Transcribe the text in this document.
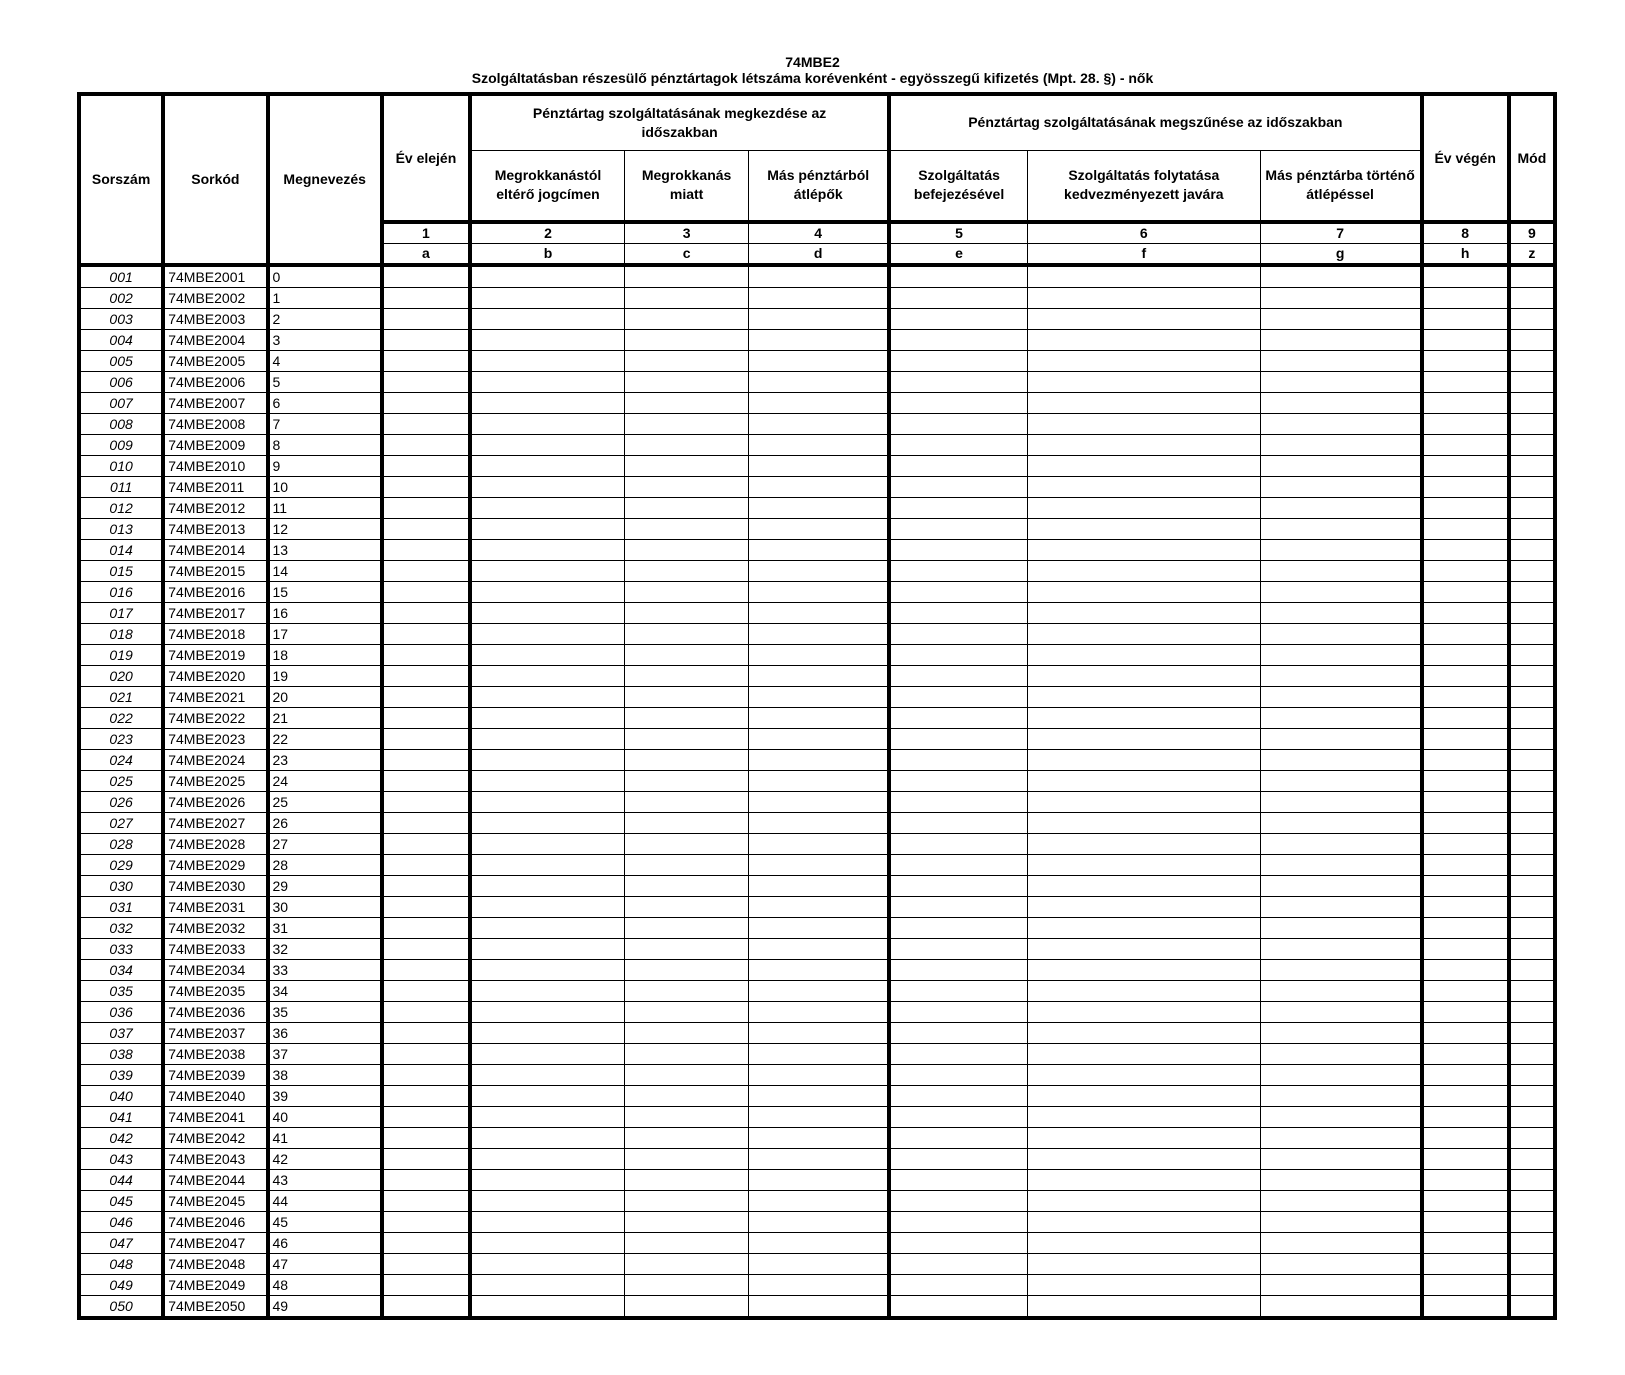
74MBE2
Szolgáltatásban részesülő pénztártagok létszáma korévenként - egyösszegű kifizetés (Mpt. 28. §) - nők
Sorszám	Sorkód	Megnevezés	Év elején	Pénztártag szolgáltatásának megkezdése az időszakban			Pénztártag szolgáltatásának megszűnése az időszakban			Év végén	Mód
				Megrokkanástól eltérő jogcímen	Megrokkanás miatt	Más pénztárból átlépők	Szolgáltatás befejezésével	Szolgáltatás folytatása kedvezményezett javára	Más pénztárba történő átlépéssel		
			1	2	3	4	5	6	7	8	9
			a	b	c	d	e	f	g	h	z
001	74MBE2001	0									
002	74MBE2002	1									
003	74MBE2003	2									
004	74MBE2004	3									
005	74MBE2005	4									
006	74MBE2006	5									
007	74MBE2007	6									
008	74MBE2008	7									
009	74MBE2009	8									
010	74MBE2010	9									
011	74MBE2011	10									
012	74MBE2012	11									
013	74MBE2013	12									
014	74MBE2014	13									
015	74MBE2015	14									
016	74MBE2016	15									
017	74MBE2017	16									
018	74MBE2018	17									
019	74MBE2019	18									
020	74MBE2020	19									
021	74MBE2021	20									
022	74MBE2022	21									
023	74MBE2023	22									
024	74MBE2024	23									
025	74MBE2025	24									
026	74MBE2026	25									
027	74MBE2027	26									
028	74MBE2028	27									
029	74MBE2029	28									
030	74MBE2030	29									
031	74MBE2031	30									
032	74MBE2032	31									
033	74MBE2033	32									
034	74MBE2034	33									
035	74MBE2035	34									
036	74MBE2036	35									
037	74MBE2037	36									
038	74MBE2038	37									
039	74MBE2039	38									
040	74MBE2040	39									
041	74MBE2041	40									
042	74MBE2042	41									
043	74MBE2043	42									
044	74MBE2044	43									
045	74MBE2045	44									
046	74MBE2046	45									
047	74MBE2047	46									
048	74MBE2048	47									
049	74MBE2049	48									
050	74MBE2050	49									
